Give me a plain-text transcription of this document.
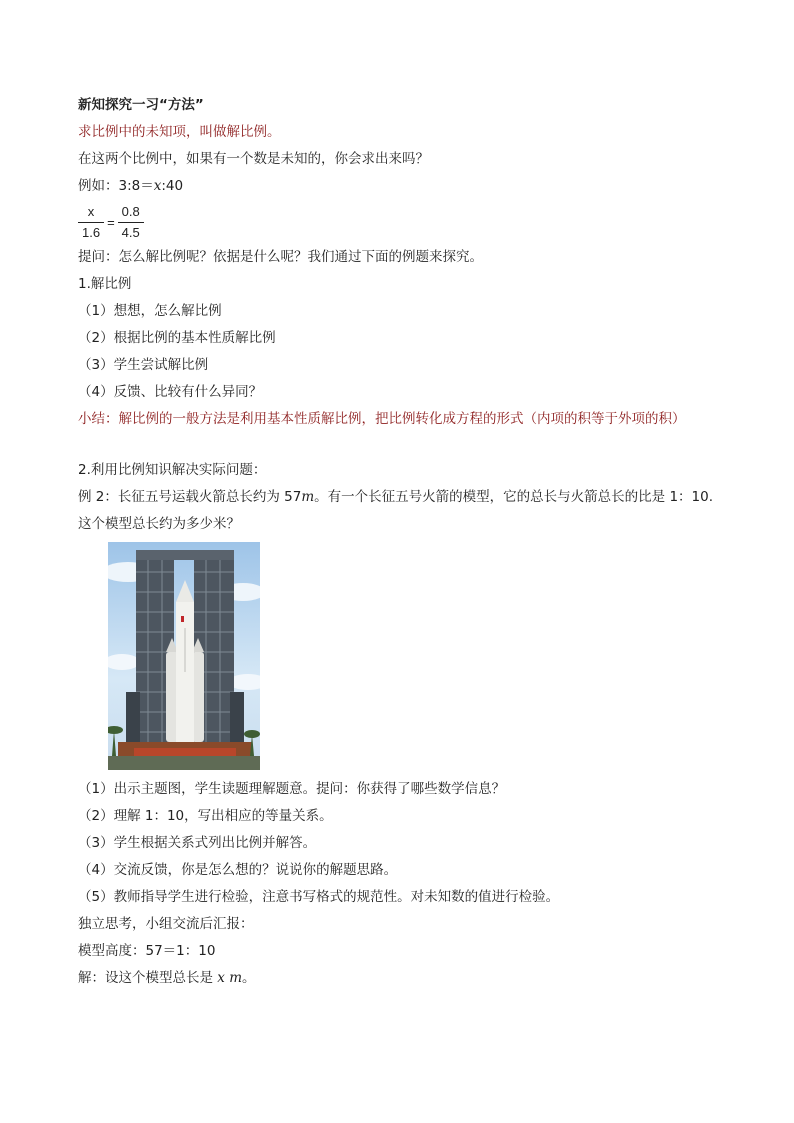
新知探究一习“方法”
求比例中的未知项，叫做解比例。
在这两个比例中，如果有一个数是未知的，你会求出来吗？
例如：3:8＝x:40
$\frac{x}{1.6} = \frac{0.8}{4.5}$
提问：怎么解比例呢？依据是什么呢？我们通过下面的例题来探究。
1.解比例
（1）想想，怎么解比例
（2）根据比例的基本性质解比例
（3）学生尝试解比例
（4）反馈、比较有什么异同？
小结：解比例的一般方法是利用基本性质解比例，把比例转化成方程的形式（内项的积等于外项的积）
2.利用比例知识解决实际问题：
例 2：长征五号运载火箭总长约为 57m。有一个长征五号火箭的模型，它的总长与火箭总长的比是 1：10.
这个模型总长约为多少米？
（1）出示主题图，学生读题理解题意。提问：你获得了哪些数学信息？
（2）理解 1：10，写出相应的等量关系。
（3）学生根据关系式列出比例并解答。
（4）交流反馈，你是怎么想的？说说你的解题思路。
（5）教师指导学生进行检验，注意书写格式的规范性。对未知数的值进行检验。
独立思考，小组交流后汇报：
模型高度：57＝1：10
解：设这个模型总长是 x m。
